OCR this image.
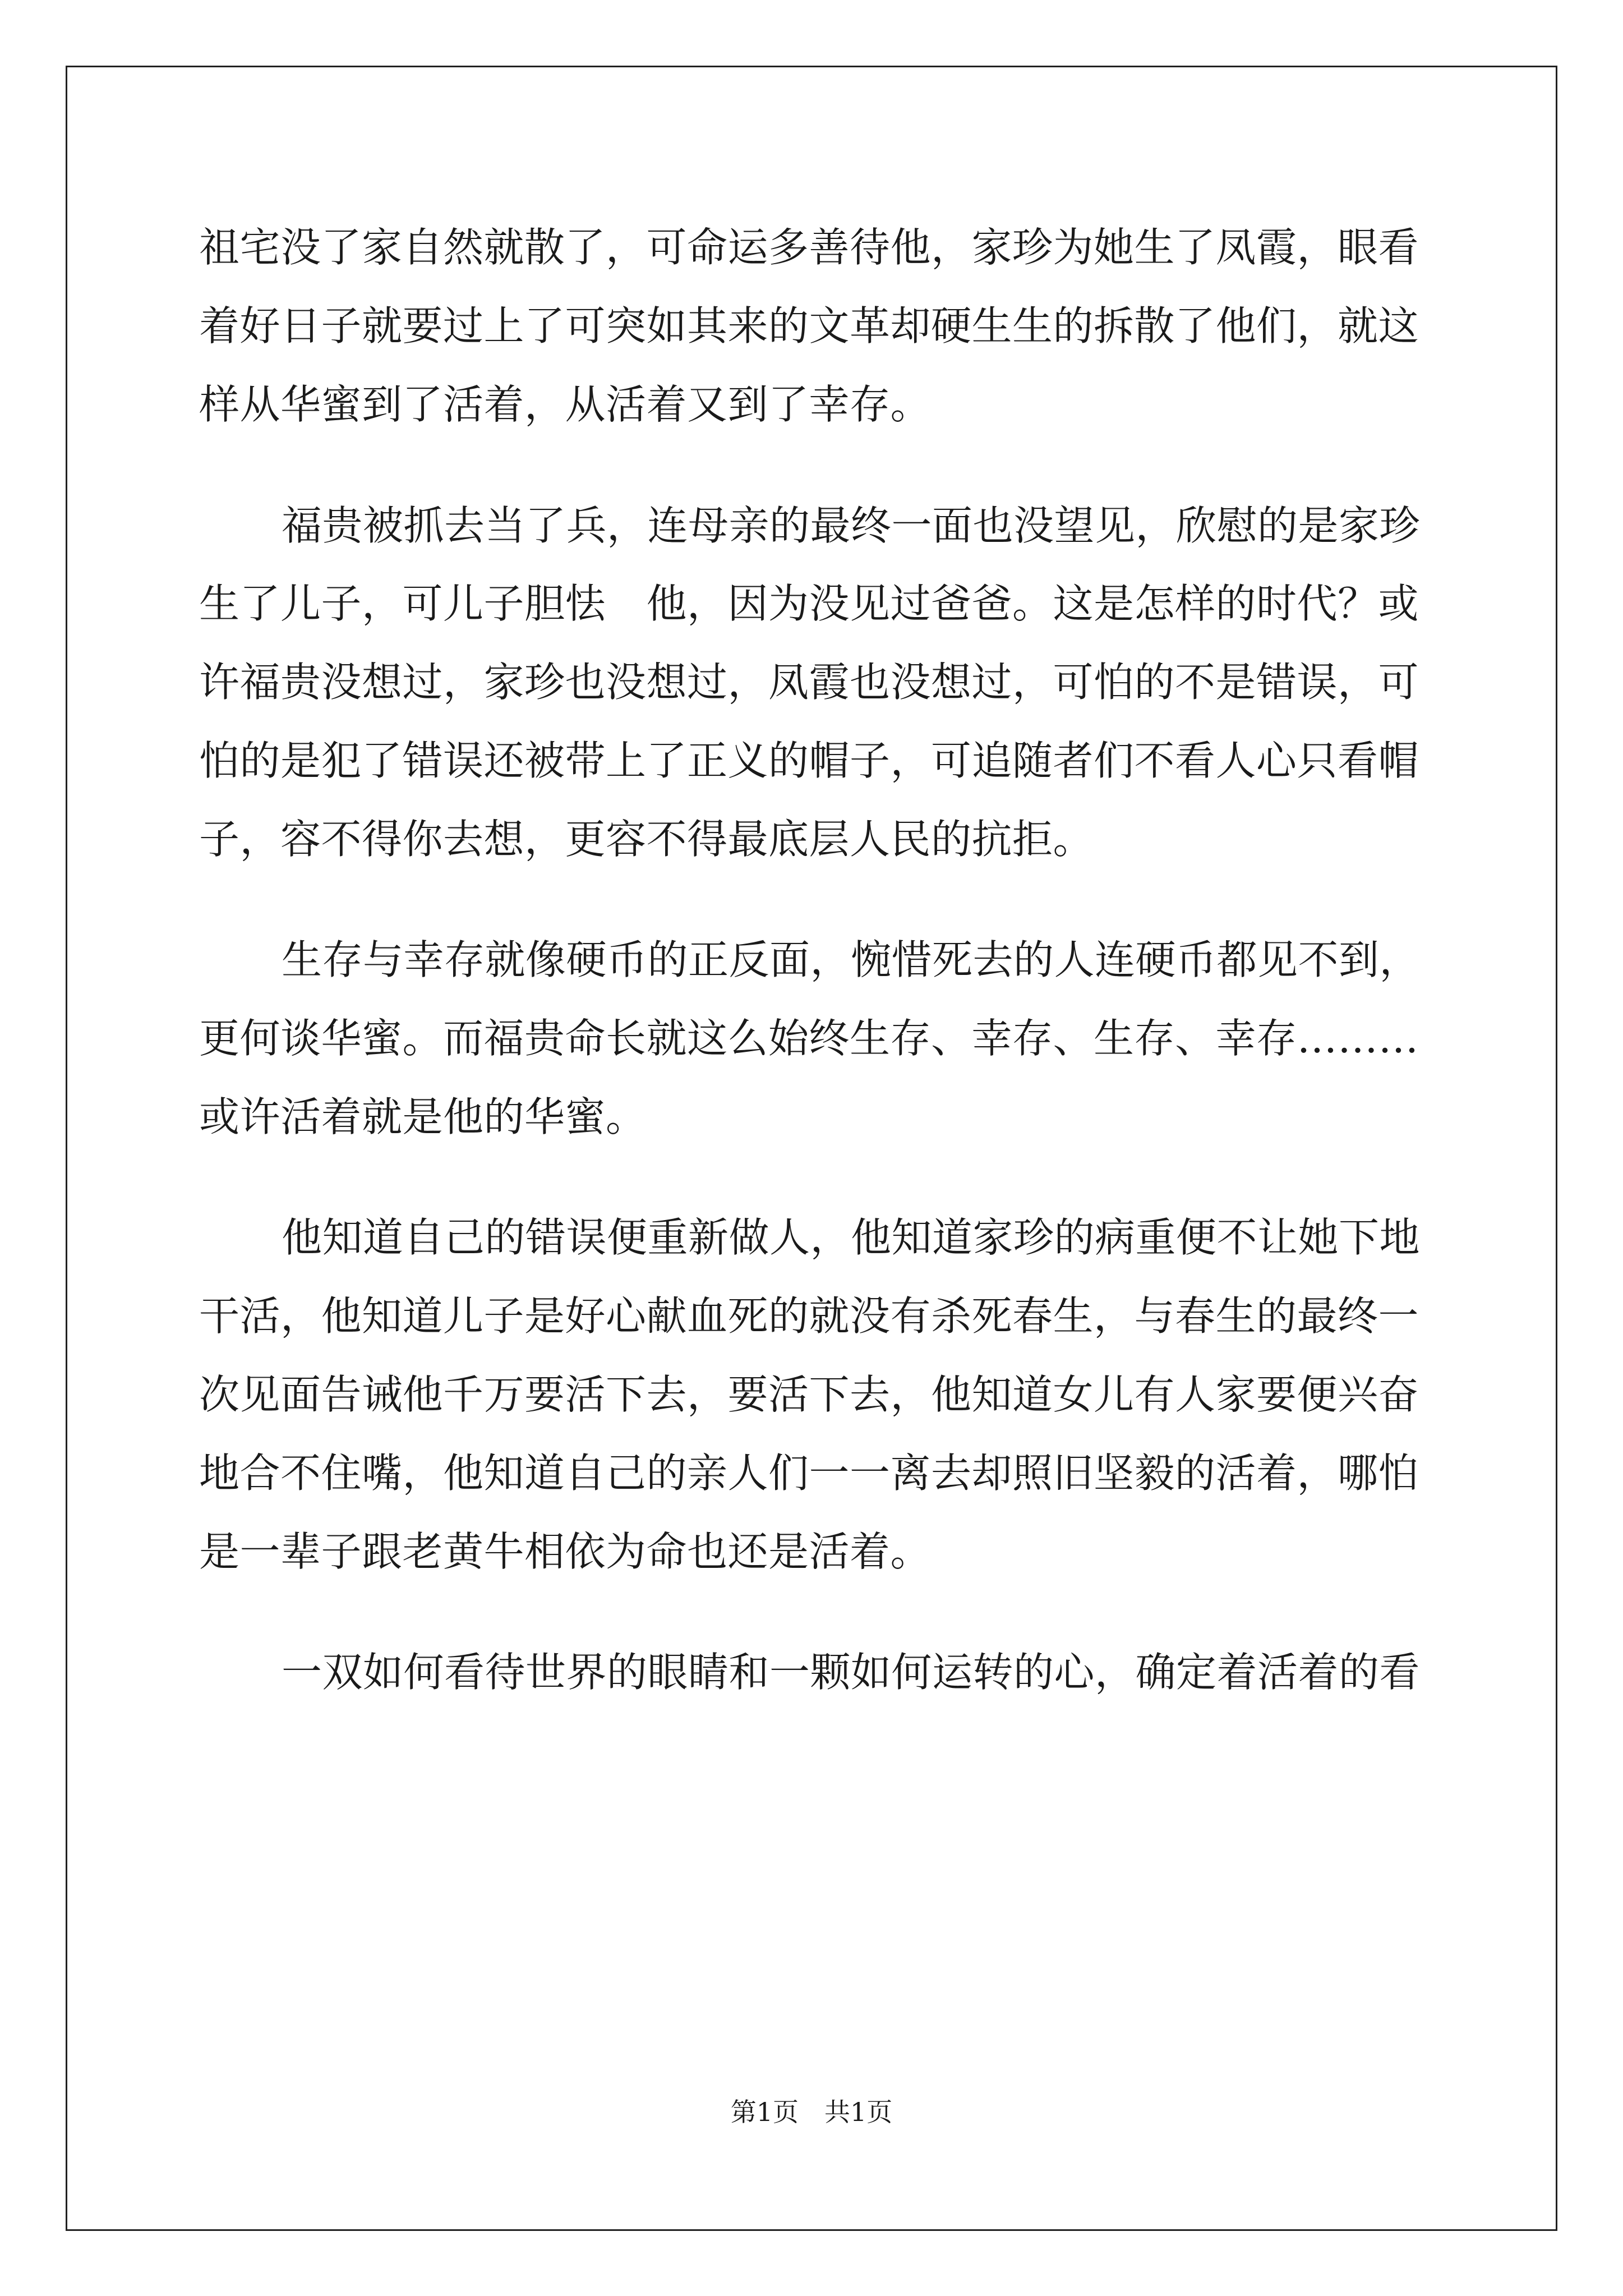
祖宅没了家自然就散了，可命运多善待他，家珍为她生了凤霞，眼看
着好日子就要过上了可突如其来的文革却硬生生的拆散了他们，就这
样从华蜜到了活着，从活着又到了幸存。
福贵被抓去当了兵，连母亲的最终一面也没望见，欣慰的是家珍
生了儿子，可儿子胆怯　他，因为没见过爸爸。这是怎样的时代？或
许福贵没想过，家珍也没想过，凤霞也没想过，可怕的不是错误，可
怕的是犯了错误还被带上了正义的帽子，可追随者们不看人心只看帽
子，容不得你去想，更容不得最底层人民的抗拒。
生存与幸存就像硬币的正反面，惋惜死去的人连硬币都见不到，
更何谈华蜜。而福贵命长就这么始终生存、幸存、生存、幸存………
或许活着就是他的华蜜。
他知道自己的错误便重新做人，他知道家珍的病重便不让她下地
干活，他知道儿子是好心献血死的就没有杀死春生，与春生的最终一
次见面告诫他千万要活下去，要活下去，他知道女儿有人家要便兴奋
地合不住嘴，他知道自己的亲人们一一离去却照旧坚毅的活着，哪怕
是一辈子跟老黄牛相依为命也还是活着。
一双如何看待世界的眼睛和一颗如何运转的心，确定着活着的看
第1页　共1页
